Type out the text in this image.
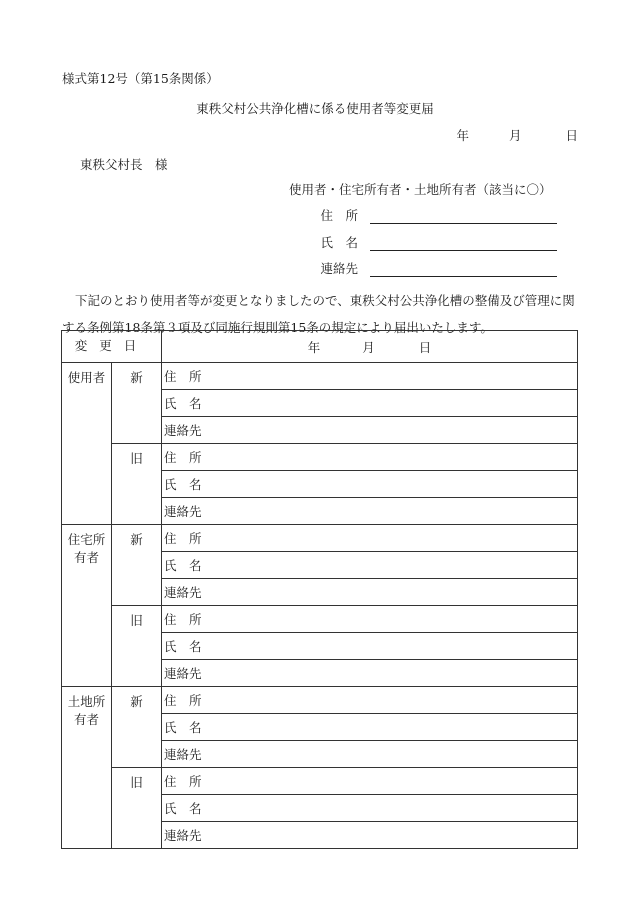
様式第12号（第15条関係）
東秩父村公共浄化槽に係る使用者等変更届
年	月	日
東秩父村長　様
使用者・住宅所有者・土地所有者（該当に〇）
住　所
氏　名
連絡先
下記のとおり使用者等が変更となりましたので、東秩父村公共浄化槽の整備及び管理に関する条例第18条第３項及び同施行規則第15条の規定により届出いたします。
変更日		年 月 日
使用者	新	住　所
		氏　名
		連絡先
	旧	住　所
		氏　名
		連絡先
住宅所有者	新	住　所
		氏　名
		連絡先
	旧	住　所
		氏　名
		連絡先
土地所有者	新	住　所
		氏　名
		連絡先
	旧	住　所
		氏　名
		連絡先
